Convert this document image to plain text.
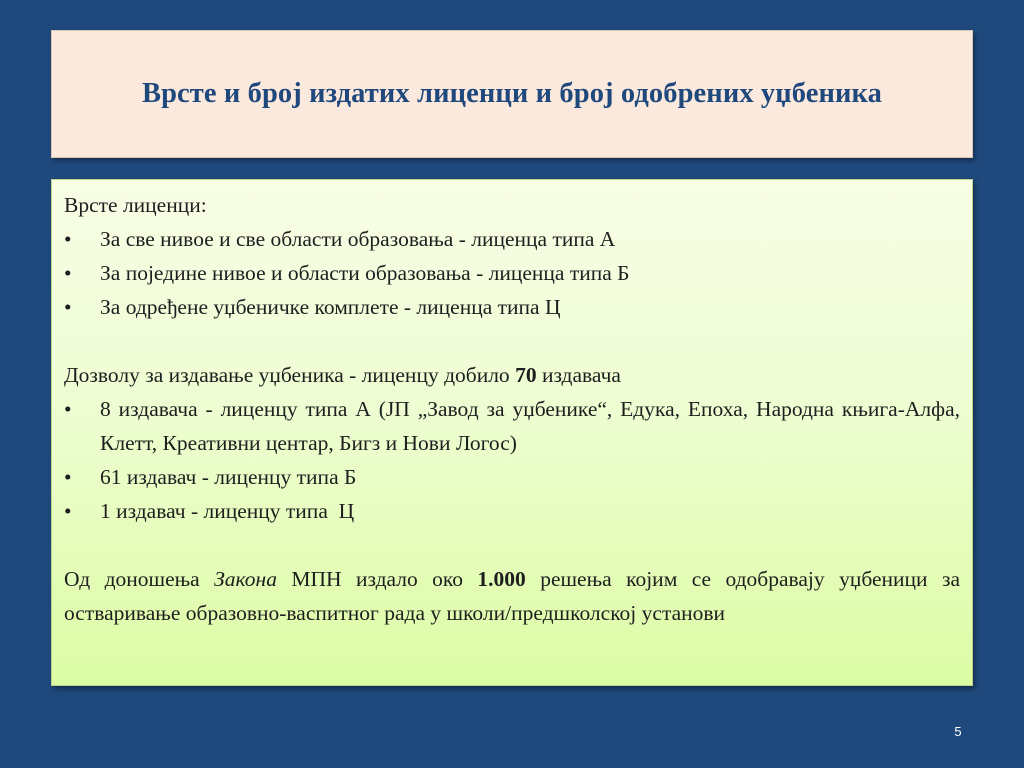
Врсте и број издатих лиценци и број одобрених уџбеника

Врсте лиценци:

•	За све нивое и све области образовања - лиценца типа А
•	За поједине нивое и области образовања - лиценца типа Б
•	За одређене уџбеничке комплете - лиценца типа Ц

Дозволу за издавање уџбеника - лиценцу добило 70 издавача

•	8 издавача - лиценцу типа А (ЈП „Завод за уџбенике“, Едука, Епоха, Народна књига-Алфа, Клетт, Креативни центар, Бигз и Нови Логос)
•	61 издавач - лиценцу типа Б
•	1 издавач - лиценцу типа  Ц

Од доношења Закона МПН издало око 1.000 решења којим се одобравају уџбеници за остваривање образовно-васпитног рада у школи/предшколској установи

5
